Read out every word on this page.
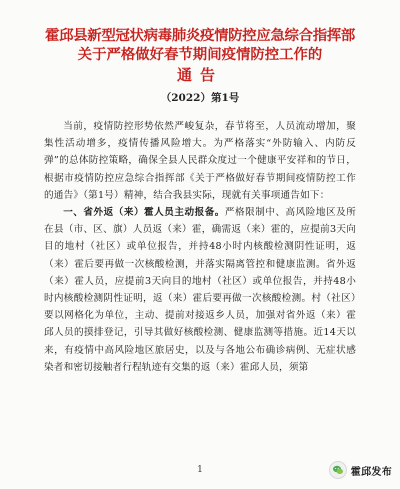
霍邱县新型冠状病毒肺炎疫情防控应急综合指挥部
关于严格做好春节期间疫情防控工作的
通告
（2022）第1号

当前，疫情防控形势依然严峻复杂，春节将至，人员流动增加，聚集性活动增多，疫情传播风险增大。为严格落实“外防输入、内防反弹”的总体防控策略，确保全县人民群众度过一个健康平安祥和的节日，根据市疫情防控应急综合指挥部《关于严格做好春节期间疫情防控工作的通告》（第1号）精神，结合我县实际，现就有关事项通告如下：

一、省外返（来）霍人员主动报备。严格限制中、高风险地区及所在县（市、区、旗）人员返（来）霍，确需返（来）霍的，应提前3天向目的地村（社区）或单位报告，并持48小时内核酸检测阴性证明，返（来）霍后要再做一次核酸检测，并落实隔离管控和健康监测。省外返（来）霍人员，应提前3天向目的地村（社区）或单位报告，并持48小时内核酸检测阴性证明，返（来）霍后要再做一次核酸检测。村（社区）要以网格化为单位，主动、提前对接返乡人员，加强对省外返（来）霍邱人员的摸排登记，引导其做好核酸检测、健康监测等措施。近14天以来，有疫情中高风险地区旅居史，以及与各地公布确诊病例、无症状感染者和密切接触者行程轨迹有交集的返（来）霍邱人员，须第

1	霍邱发布
